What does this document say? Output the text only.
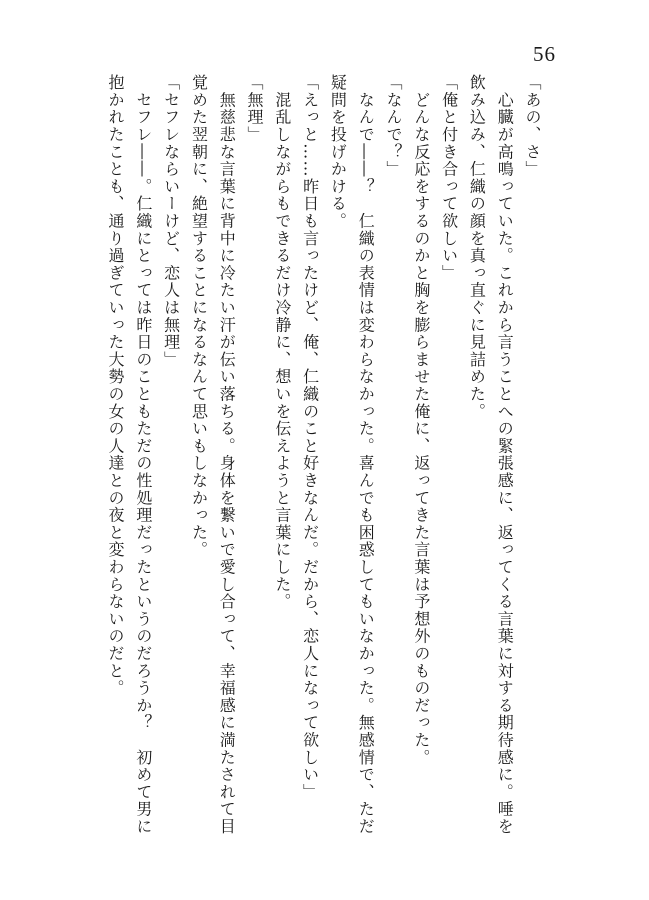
56
「あの、さ」
　心臓が高鳴っていた。これから言うことへの緊張感に、返ってくる言葉に対する期待感に。唾を
飲み込み、仁織の顔を真っ直ぐに見詰めた。
「俺と付き合って欲しい」
　どんな反応をするのかと胸を膨らませた俺に、返ってきた言葉は予想外のものだった。
「なんで？」
　なんで――？　仁織の表情は変わらなかった。喜んでも困惑してもいなかった。無感情で、ただ
疑問を投げかける。
「えっと……昨日も言ったけど、俺、仁織のこと好きなんだ。だから、恋人になって欲しい」
　混乱しながらもできるだけ冷静に、想いを伝えようと言葉にした。
「無理」
　無慈悲な言葉に背中に冷たい汗が伝い落ちる。身体を繋いで愛し合って、幸福感に満たされて目
覚めた翌朝に、絶望することになるなんて思いもしなかった。
「セフレならいーけど、恋人は無理」
　セフレ――。仁織にとっては昨日のこともただの性処理だったというのだろうか？　初めて男に
抱かれたことも、通り過ぎていった大勢の女の人達との夜と変わらないのだと。
